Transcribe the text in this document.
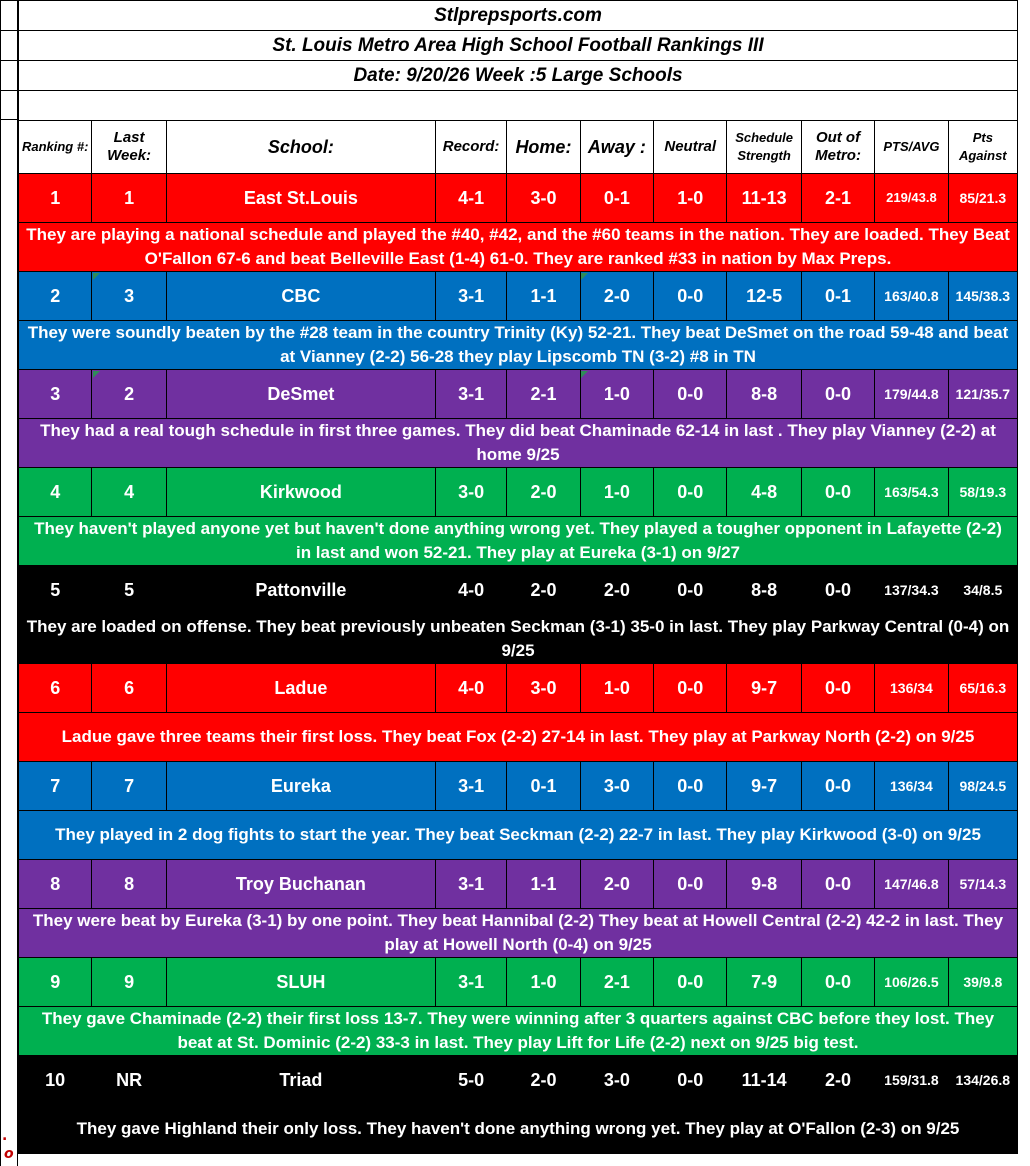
.
o
Stlprepsports.com
St. Louis Metro Area High School Football Rankings III
Date: 9/20/26 Week :5 Large Schools
Ranking #:	Last Week:	School:	Record:	Home:	Away :	Neutral	Schedule Strength	Out of Metro:	PTS/AVG	Pts Against
1	1	East St.Louis	4-1	3-0	0-1	1-0	11-13	2-1	219/43.8	85/21.3
They are playing a national schedule and played the #40, #42, and the #60 teams in the nation. They are loaded. They Beat O'Fallon 67-6 and beat Belleville East (1-4) 61-0. They are ranked #33 in nation by Max Preps.										
2	3	CBC	3-1	1-1	2-0	0-0	12-5	0-1	163/40.8	145/38.3
They were soundly beaten by the #28 team in the country Trinity (Ky) 52-21. They beat DeSmet on the road 59-48 and beat at Vianney (2-2) 56-28 they play Lipscomb TN (3-2) #8 in TN										
3	2	DeSmet	3-1	2-1	1-0	0-0	8-8	0-0	179/44.8	121/35.7
They had a real tough schedule in first three games. They did beat Chaminade 62-14 in last . They play Vianney (2-2) at home 9/25										
4	4	Kirkwood	3-0	2-0	1-0	0-0	4-8	0-0	163/54.3	58/19.3
They haven't played anyone yet but haven't done anything wrong yet. They played a tougher opponent in Lafayette (2-2) in last and won 52-21. They play at Eureka (3-1) on 9/27										
5	5	Pattonville	4-0	2-0	2-0	0-0	8-8	0-0	137/34.3	34/8.5
They are loaded on offense. They beat previously unbeaten Seckman (3-1) 35-0 in last. They play Parkway Central (0-4) on 9/25										
6	6	Ladue	4-0	3-0	1-0	0-0	9-7	0-0	136/34	65/16.3
Ladue gave three teams their first loss. They beat Fox (2-2) 27-14 in last. They play at Parkway North (2-2) on 9/25										
7	7	Eureka	3-1	0-1	3-0	0-0	9-7	0-0	136/34	98/24.5
They played in 2 dog fights to start the year. They beat Seckman (2-2) 22-7 in last. They play Kirkwood (3-0) on 9/25										
8	8	Troy Buchanan	3-1	1-1	2-0	0-0	9-8	0-0	147/46.8	57/14.3
They were beat by Eureka (3-1) by one point. They beat Hannibal (2-2) They beat at Howell Central (2-2) 42-2 in last. They play at Howell North (0-4) on 9/25										
9	9	SLUH	3-1	1-0	2-1	0-0	7-9	0-0	106/26.5	39/9.8
They gave Chaminade (2-2) their first loss 13-7. They were winning after 3 quarters against CBC before they lost. They beat at St. Dominic (2-2) 33-3 in last. They play Lift for Life (2-2) next on 9/25 big test.										
10	NR	Triad	5-0	2-0	3-0	0-0	11-14	2-0	159/31.8	134/26.8
They gave Highland their only loss. They haven't done anything wrong yet. They play at O'Fallon (2-3) on 9/25										
